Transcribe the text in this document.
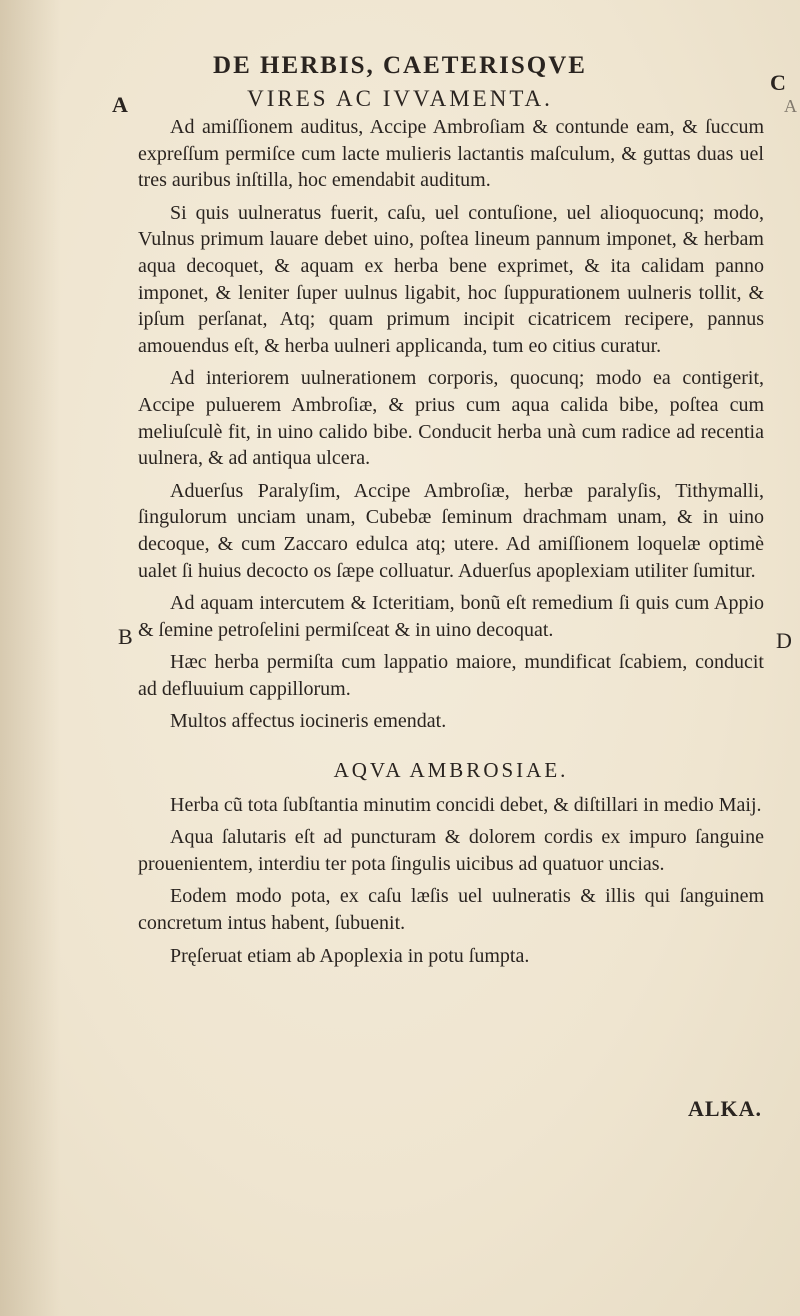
DE HERBIS, CAETERISQVE
VIRES AC IVVAMENTA.
A
C
A
B	D

Ad amiſſionem auditus, Accipe Ambroſiam & contunde eam, & ſuccum expreſſum permiſce cum lacte mulieris lactantis maſculum, & guttas duas uel tres auribus inſtilla, hoc emendabit auditum.

Si quis uulneratus fuerit, caſu, uel contuſione, uel alioquocunq; modo, Vulnus primum lauare debet uino, poſtea lineum pannum imponet, & herbam aqua decoquet, & aquam ex herba bene exprimet, & ita calidam panno imponet, & leniter ſuper uulnus ligabit, hoc ſuppurationem uulneris tollit, & ipſum perſanat, Atq; quam primum incipit cicatricem recipere, pannus amouendus eſt, & herba uulneri applicanda, tum eo citius curatur.

Ad interiorem uulnerationem corporis, quocunq; modo ea contigerit, Accipe puluerem Ambroſiæ, & prius cum aqua calida bibe, poſtea cum meliuſculè fit, in uino calido bibe. Conducit herba unà cum radice ad recentia uulnera, & ad antiqua ulcera.

Aduerſus Paralyſim, Accipe Ambroſiæ, herbæ paralyſis, Tithymalli, ſingulorum unciam unam, Cubebæ ſeminum drachmam unam, & in uino decoque, & cum Zaccaro edulca atq; utere. Ad amiſſionem loquelæ optimè ualet ſi huius decocto os ſæpe colluatur. Aduerſus apoplexiam utiliter ſumitur.

Ad aquam intercutem & Icteritiam, bonũ eſt remedium ſi quis cum Appio & ſemine petroſelini permiſceat & in uino decoquat.

Hæc herba permiſta cum lappatio maiore, mundificat ſcabiem, conducit ad defluuium cappillorum.

Multos affectus iocineris emendat.

AQVA AMBROSIAE.

Herba cũ tota ſubſtantia minutim concidi debet, & diſtillari in medio Maij.

Aqua ſalutaris eſt ad puncturam & dolorem cordis ex impuro ſanguine prouenientem, interdiu ter pota ſingulis uicibus ad quatuor uncias.

Eodem modo pota, ex caſu læſis uel uulneratis & illis qui ſanguinem concretum intus habent, ſubuenit.

Pręſeruat etiam ab Apoplexia in potu ſumpta.

ALKA.
